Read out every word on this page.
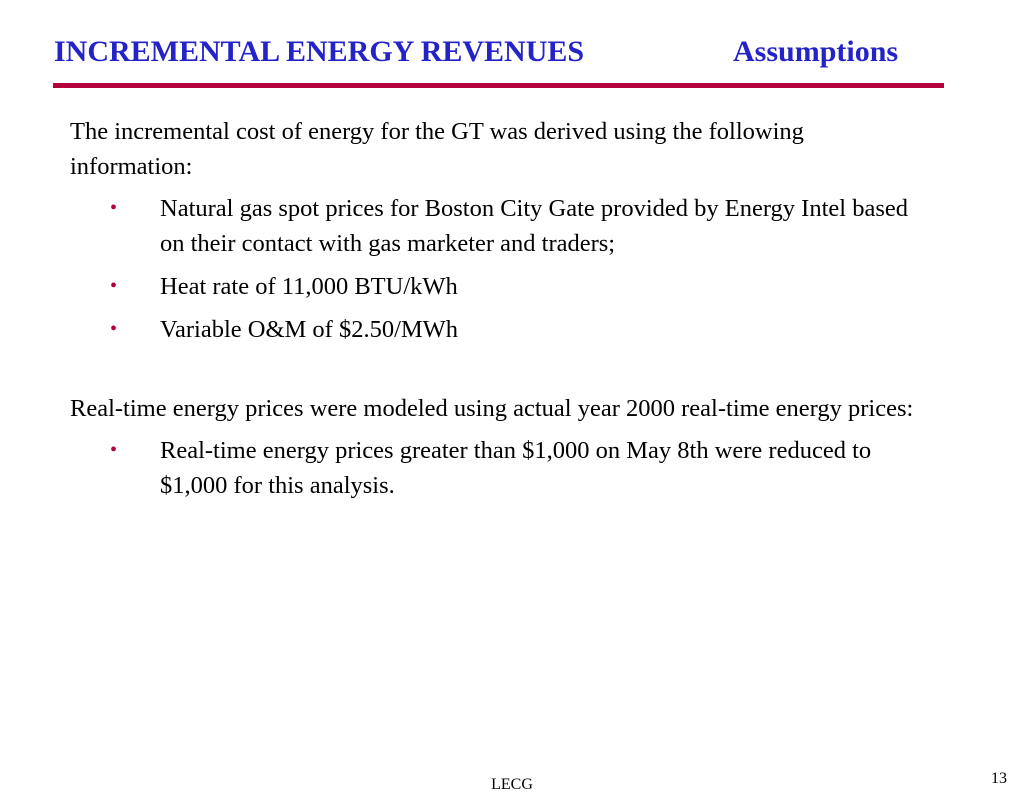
INCREMENTAL ENERGY REVENUES	Assumptions

The incremental cost of energy for the GT was derived using the following information:

• Natural gas spot prices for Boston City Gate provided by Energy Intel based on their contact with gas marketer and traders;
• Heat rate of 11,000 BTU/kWh
• Variable O&M of $2.50/MWh

Real-time energy prices were modeled using actual year 2000 real-time energy prices:

• Real-time energy prices greater than $1,000 on May 8th were reduced to $1,000 for this analysis.
LECG	13
